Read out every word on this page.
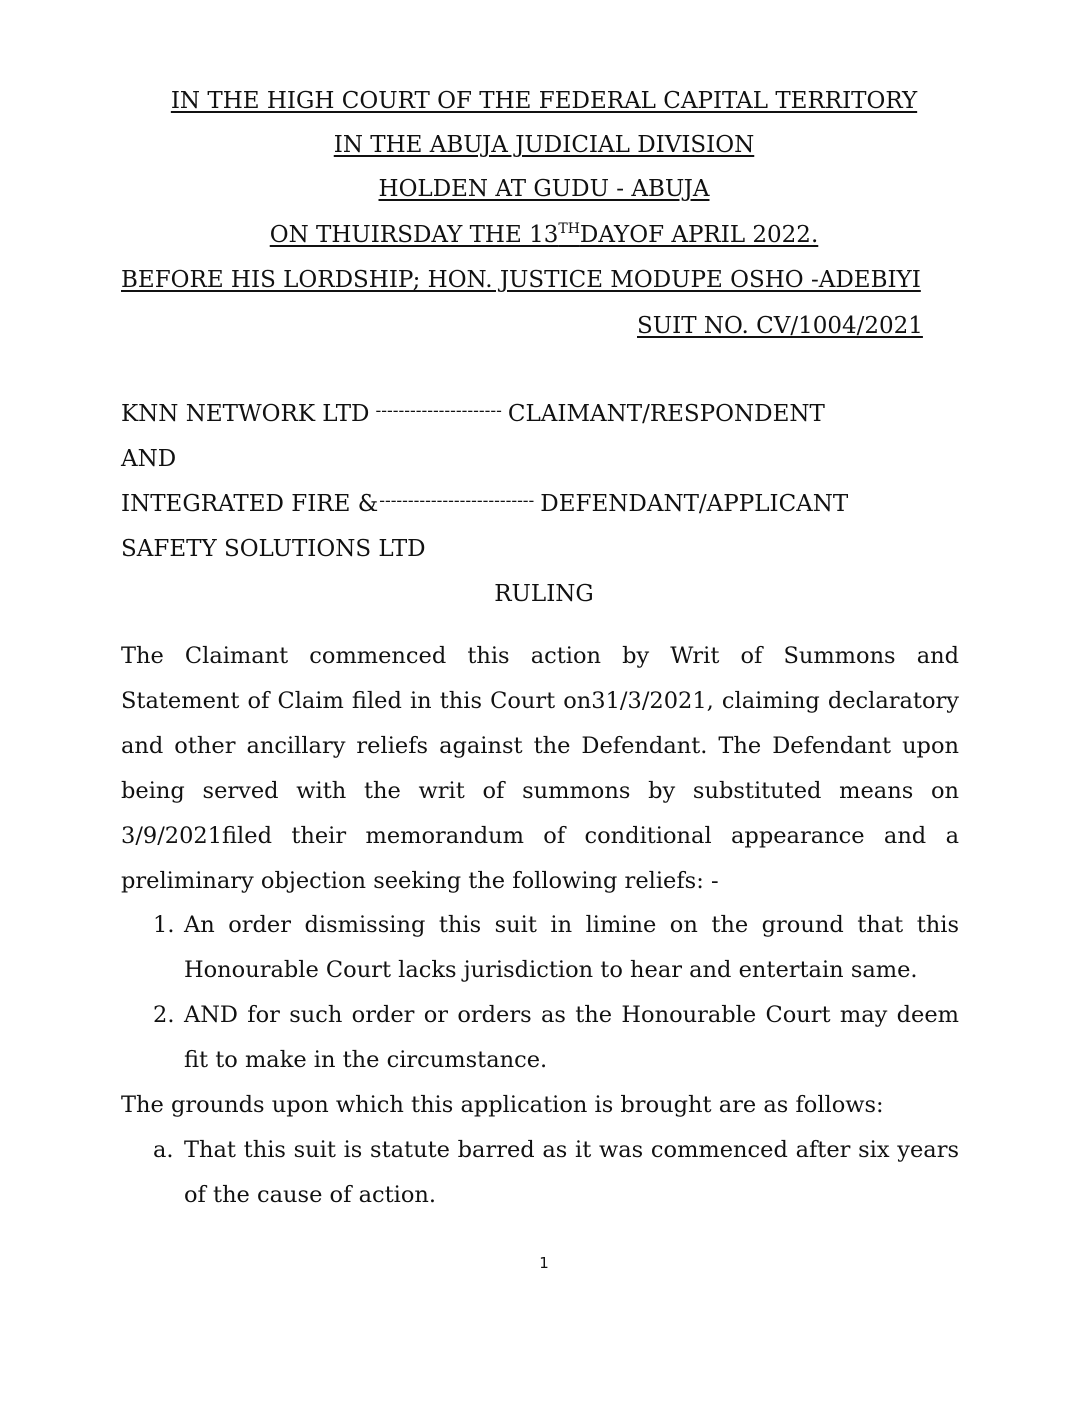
IN THE HIGH COURT OF THE FEDERAL CAPITAL TERRITORY
IN THE ABUJA JUDICIAL DIVISION
HOLDEN AT GUDU - ABUJA
ON THUIRSDAY THE 13THDAYOF APRIL 2022.
BEFORE HIS LORDSHIP; HON. JUSTICE MODUPE OSHO -ADEBIYI
SUIT NO. CV/1004/2021
KNN NETWORK LTD ---------------------- CLAIMANT/RESPONDENT
AND
INTEGRATED FIRE & --------------------------- DEFENDANT/APPLICANT
SAFETY SOLUTIONS LTD
RULING
The Claimant commenced this action by Writ of Summons and Statement of Claim filed in this Court on31/3/2021, claiming declaratory and other ancillary reliefs against the Defendant. The Defendant upon being served with the writ of summons by substituted means on 3/9/2021filed their memorandum of conditional appearance and a preliminary objection seeking the following reliefs: -
1. An order dismissing this suit in limine on the ground that this Honourable Court lacks jurisdiction to hear and entertain same.
2. AND for such order or orders as the Honourable Court may deem fit to make in the circumstance.
The grounds upon which this application is brought are as follows:
a. That this suit is statute barred as it was commenced after six years of the cause of action.
1
